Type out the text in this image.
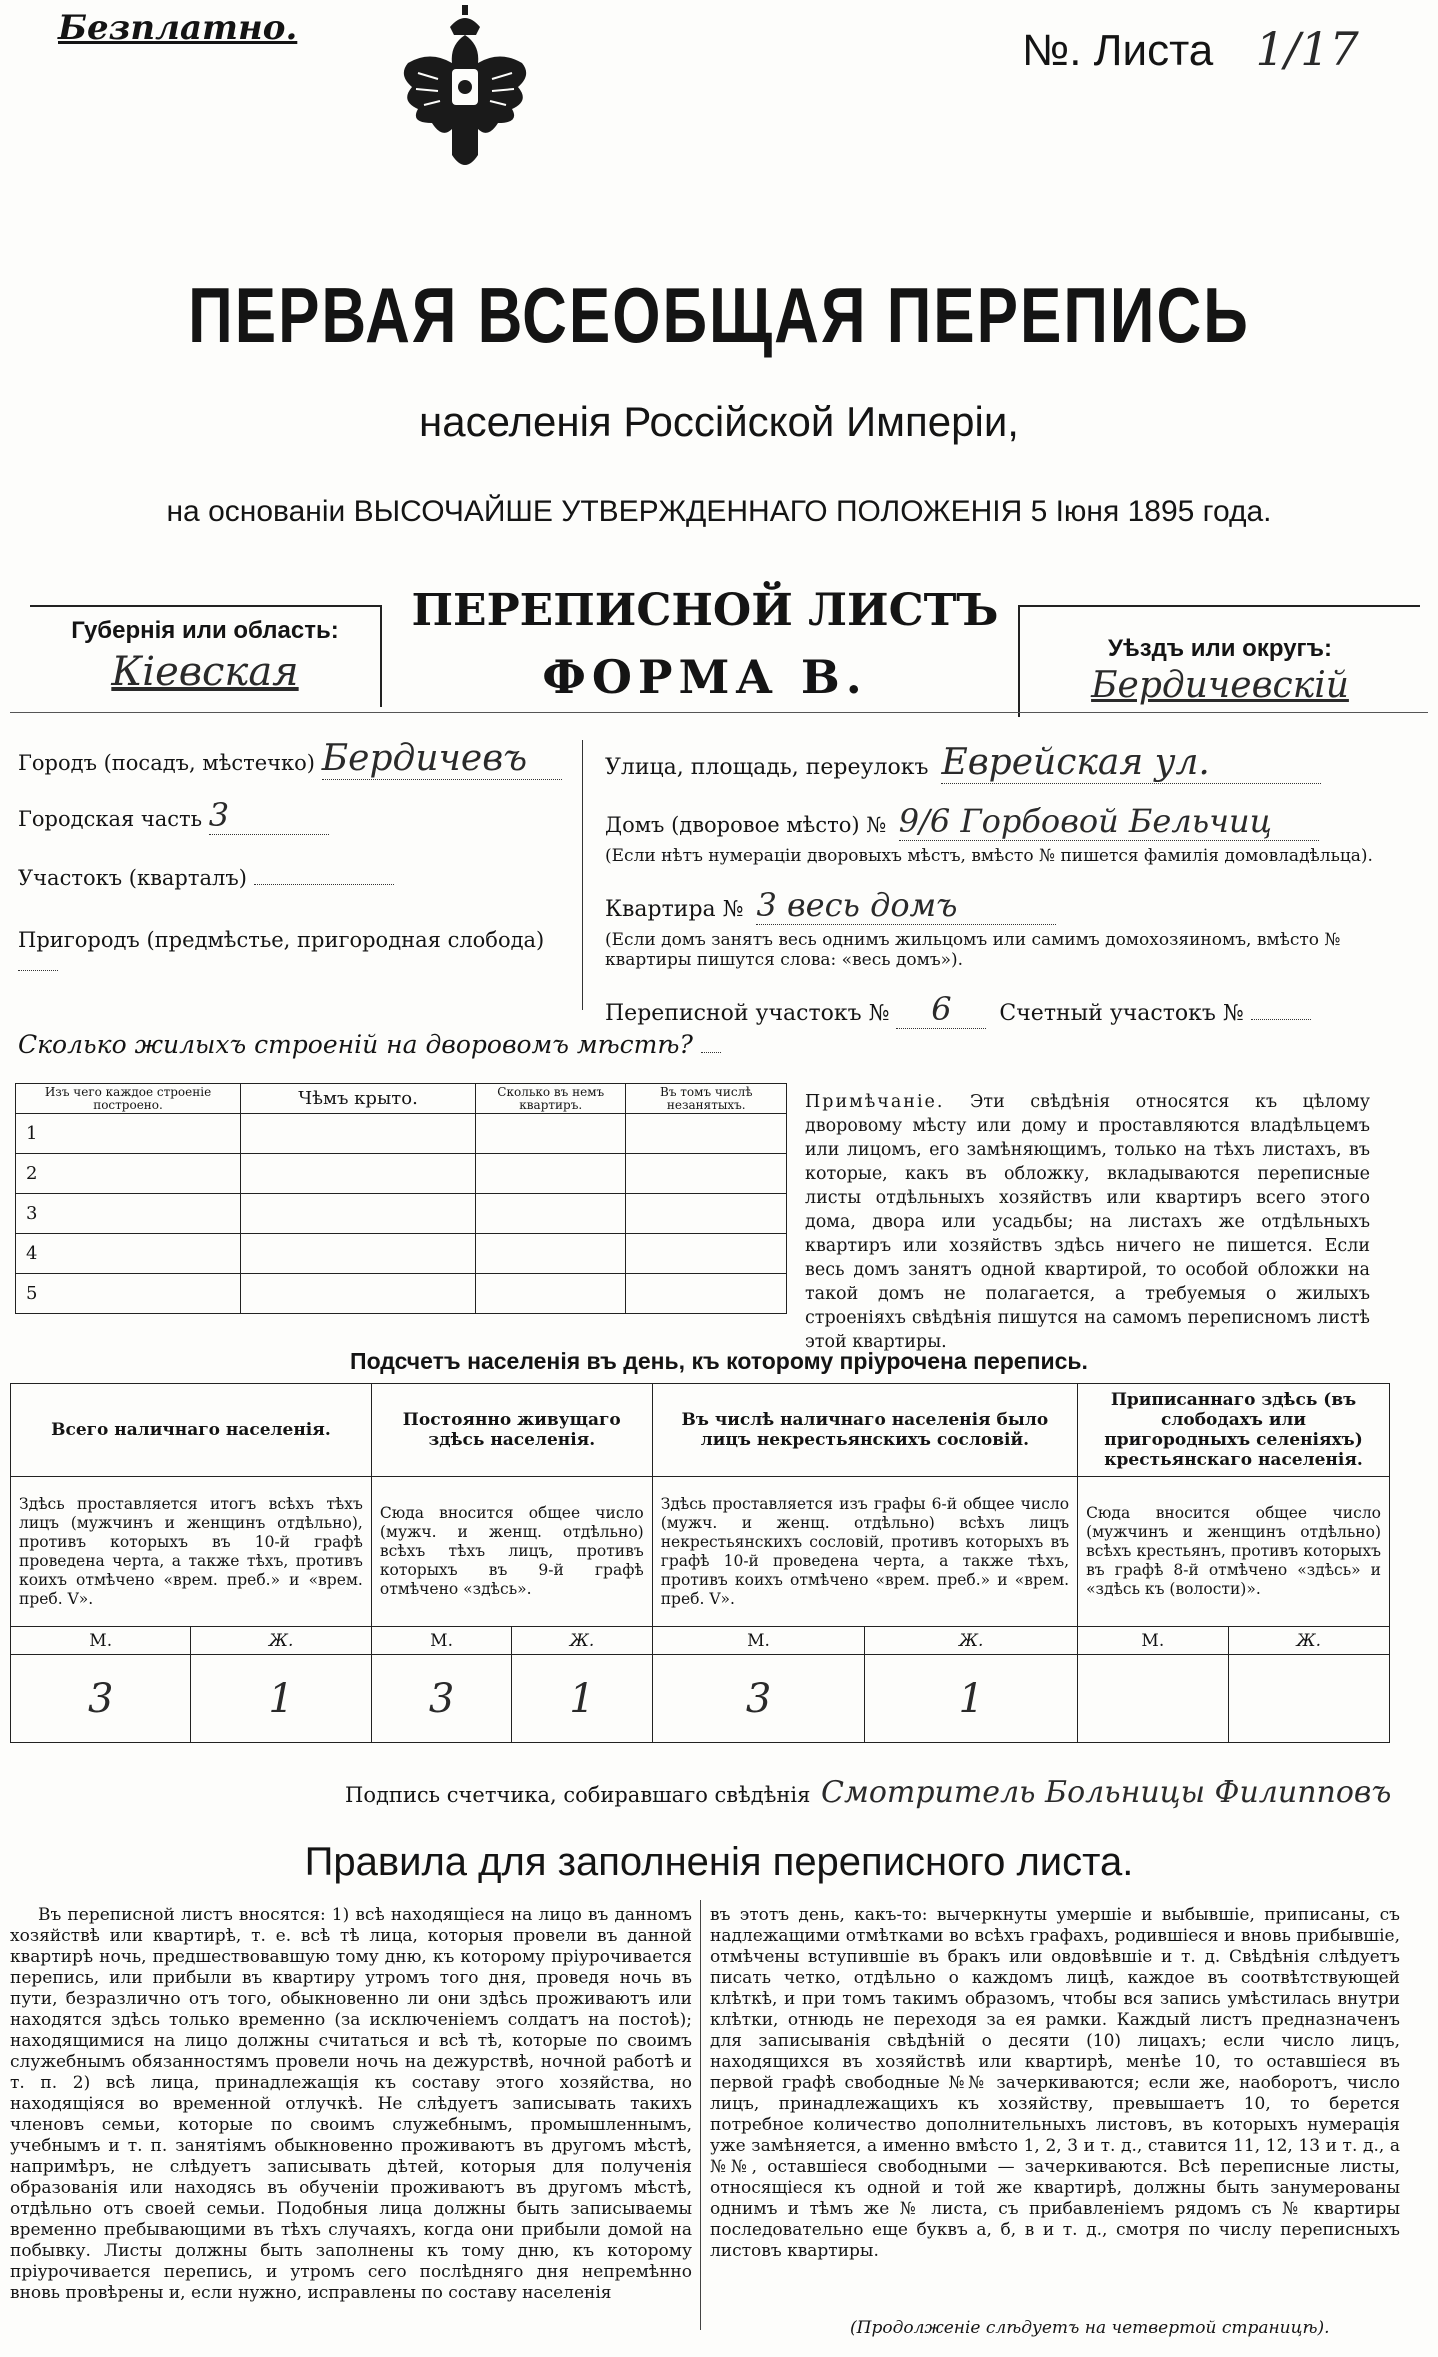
Безплатно.	№. Листа 1/17
ПЕРВАЯ ВСЕОБЩАЯ ПЕРЕПИСЬ
населенія Россійской Имперіи,
на основаніи ВЫСОЧАЙШЕ УТВЕРЖДЕННАГО ПОЛОЖЕНІЯ 5 Іюня 1895 года.
Губернія или область:
Кіевская
ПЕРЕПИСНОЙ ЛИСТЪ
ФОРМА В.
Уѣздъ или округъ:
Бердичевскій
Городъ (посадъ, мѣстечко) Бердичевъ
Городская часть 3
Участокъ (кварталъ)
Пригородъ (предмѣстье, пригородная слобода)
Улица, площадь, переулокъ Еврейская ул.
Домъ (дворовое мѣсто) № 9/6 Горбовой Бельчиц
(Если нѣтъ нумераціи дворовыхъ мѣстъ, вмѣсто № пишется фамилія домовладѣльца).
Квартира № 3 весь домъ
(Если домъ занятъ весь однимъ жильцомъ или самимъ домохозяиномъ, вмѣсто № квартиры пишутся слова: «весь домъ»).
Переписной участокъ № 6 Счетный участокъ №
Сколько жилыхъ строеній на дворовомъ мѣстѣ?
Изъ чего каждое строеніе построено.	Чѣмъ крыто.	Сколько въ немъ квартиръ.	Въ томъ числѣ незанятыхъ.
1			
2			
3			
4			
5			
Примѣчаніе. Эти свѣдѣнія относятся къ цѣлому дворовому мѣсту или дому и проставляются владѣльцемъ или лицомъ, его замѣняющимъ, только на тѣхъ листахъ, въ которые, какъ въ обложку, вкладываются переписные листы отдѣльныхъ хозяйствъ или квартиръ всего этого дома, двора или усадьбы; на листахъ же отдѣльныхъ квартиръ или хозяйствъ здѣсь ничего не пишется. Если весь домъ занятъ одной квартирой, то особой обложки на такой домъ не полагается, а требуемыя о жилыхъ строеніяхъ свѣдѣнія пишутся на самомъ переписномъ листѣ этой квартиры.
Подсчетъ населенія въ день, къ которому пріурочена перепись.
Всего наличнаго населенія.		Постоянно живущаго здѣсь населенія.		Въ числѣ наличнаго населенія было лицъ некрестьянскихъ сословій.		Приписаннаго здѣсь (въ слободахъ или пригородныхъ селеніяхъ) крестьянскаго населенія.	
Здѣсь проставляется итогъ всѣхъ тѣхъ лицъ (мужчинъ и женщинъ отдѣльно), противъ которыхъ въ 10-й графѣ проведена черта, а также тѣхъ, противъ коихъ отмѣчено «врем. преб.» и «врем. преб. V».		Сюда вносится общее число (мужч. и женщ. отдѣльно) всѣхъ тѣхъ лицъ, противъ которыхъ въ 9-й графѣ отмѣчено «здѣсь».		Здѣсь проставляется изъ графы 6-й общее число (мужч. и женщ. отдѣльно) всѣхъ лицъ некрестьянскихъ сословій, противъ которыхъ въ графѣ 10-й проведена черта, а также тѣхъ, противъ коихъ отмѣчено «врем. преб.» и «врем. преб. V».		Сюда вносится общее число (мужчинъ и женщинъ отдѣльно) всѣхъ крестьянъ, противъ которыхъ въ графѣ 8-й отмѣчено «здѣсь» и «здѣсь къ (волости)».	
М.	Ж.	М.	Ж.	М.	Ж.	М.	Ж.
3	1	3	1	3	1		
Подпись счетчика, собиравшаго свѣдѣнія Смотритель Больницы Филипповъ
Правила для заполненія переписного листа.
Въ переписной листъ вносятся: 1) всѣ находящіеся на лицо въ данномъ хозяйствѣ или квартирѣ, т. е. всѣ тѣ лица, которыя провели въ данной квартирѣ ночь, предшествовавшую тому дню, къ которому пріурочивается перепись, или прибыли въ квартиру утромъ того дня, проведя ночь въ пути, безразлично отъ того, обыкновенно ли они здѣсь проживаютъ или находятся здѣсь только временно (за исключеніемъ солдатъ на постоѣ); находящимися на лицо должны считаться и всѣ тѣ, которые по своимъ служебнымъ обязанностямъ провели ночь на дежурствѣ, ночной работѣ и т. п. 2) всѣ лица, принадлежащія къ составу этого хозяйства, но находящіяся во временной отлучкѣ. Не слѣдуетъ записывать такихъ членовъ семьи, которые по своимъ служебнымъ, промышленнымъ, учебнымъ и т. п. занятіямъ обыкновенно проживаютъ въ другомъ мѣстѣ, напримѣръ, не слѣдуетъ записывать дѣтей, которыя для полученія образованія или находясь въ обученіи проживаютъ въ другомъ мѣстѣ, отдѣльно отъ своей семьи. Подобныя лица должны быть записываемы временно пребывающими въ тѣхъ случаяхъ, когда они прибыли домой на побывку. Листы должны быть заполнены къ тому дню, къ которому пріурочивается перепись, и утромъ сего послѣдняго дня непремѣнно вновь провѣрены и, если нужно, исправлены по составу населенія
въ этотъ день, какъ-то: вычеркнуты умершіе и выбывшіе, приписаны, съ надлежащими отмѣтками во всѣхъ графахъ, родившіеся и вновь прибывшіе, отмѣчены вступившіе въ бракъ или овдовѣвшіе и т. д. Свѣдѣнія слѣдуетъ писать четко, отдѣльно о каждомъ лицѣ, каждое въ соотвѣтствующей клѣткѣ, и при томъ такимъ образомъ, чтобы вся запись умѣстилась внутри клѣтки, отнюдь не переходя за ея рамки. Каждый листъ предназначенъ для записыванія свѣдѣній о десяти (10) лицахъ; если число лицъ, находящихся въ хозяйствѣ или квартирѣ, менѣе 10, то оставшіеся въ первой графѣ свободные №№ зачеркиваются; если же, наоборотъ, число лицъ, принадлежащихъ къ хозяйству, превышаетъ 10, то берется потребное количество дополнительныхъ листовъ, въ которыхъ нумерація уже замѣняется, а именно вмѣсто 1, 2, 3 и т. д., ставится 11, 12, 13 и т. д., а №№, оставшіеся свободными — зачеркиваются. Всѣ переписные листы, относящіеся къ одной и той же квартирѣ, должны быть занумерованы однимъ и тѣмъ же № листа, съ прибавленіемъ рядомъ съ № квартиры последовательно еще буквъ а, б, в и т. д., смотря по числу переписныхъ листовъ квартиры.
(Продолженіе слѣдуетъ на четвертой страницѣ).
